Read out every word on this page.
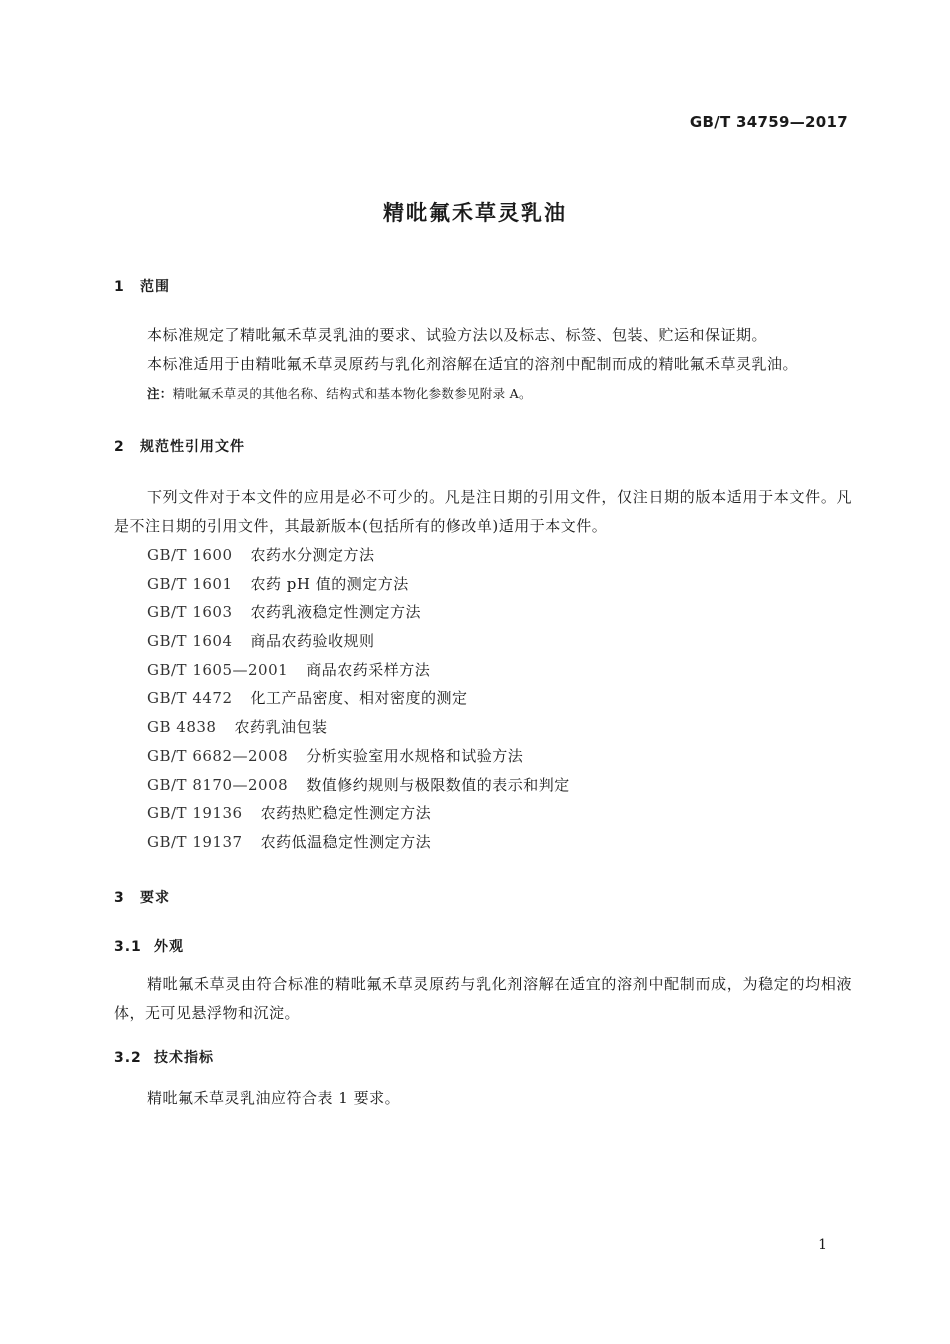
GB/T 34759—2017
精吡氟禾草灵乳油
1 范围
本标准规定了精吡氟禾草灵乳油的要求、试验方法以及标志、标签、包装、贮运和保证期。
本标准适用于由精吡氟禾草灵原药与乳化剂溶解在适宜的溶剂中配制而成的精吡氟禾草灵乳油。
注：精吡氟禾草灵的其他名称、结构式和基本物化参数参见附录 A。
2 规范性引用文件
下列文件对于本文件的应用是必不可少的。凡是注日期的引用文件，仅注日期的版本适用于本文件。凡是不注日期的引用文件，其最新版本(包括所有的修改单)适用于本文件。
GB/T 1600 农药水分测定方法
GB/T 1601 农药 pH 值的测定方法
GB/T 1603 农药乳液稳定性测定方法
GB/T 1604 商品农药验收规则
GB/T 1605—2001 商品农药采样方法
GB/T 4472 化工产品密度、相对密度的测定
GB 4838 农药乳油包装
GB/T 6682—2008 分析实验室用水规格和试验方法
GB/T 8170—2008 数值修约规则与极限数值的表示和判定
GB/T 19136 农药热贮稳定性测定方法
GB/T 19137 农药低温稳定性测定方法
3 要求
3.1 外观
精吡氟禾草灵由符合标准的精吡氟禾草灵原药与乳化剂溶解在适宜的溶剂中配制而成，为稳定的均相液体，无可见悬浮物和沉淀。
3.2 技术指标
精吡氟禾草灵乳油应符合表 1 要求。
1
